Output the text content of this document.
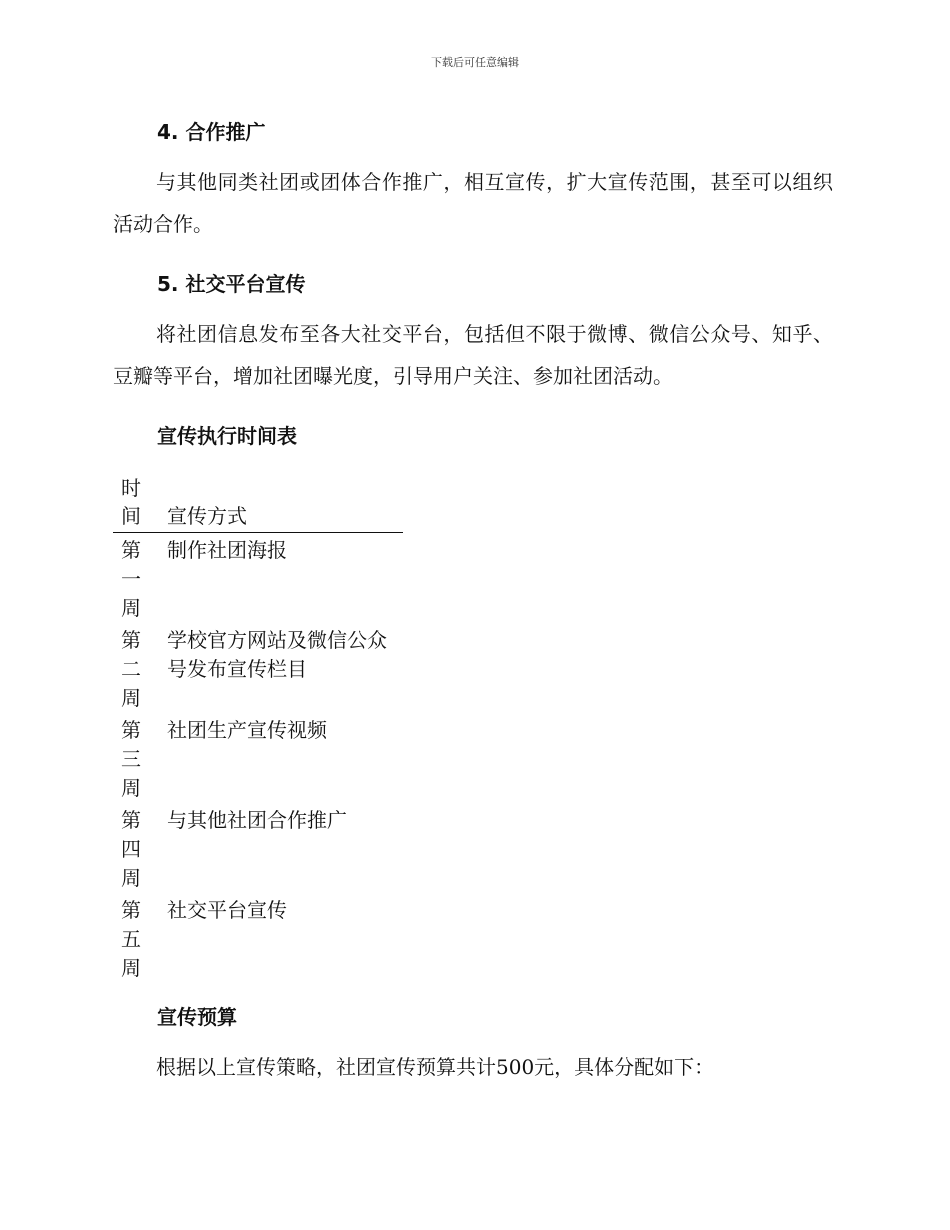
下载后可任意编辑
4. 合作推广
与其他同类社团或团体合作推广，相互宣传，扩大宣传范围，甚至可以组织活动合作。
5. 社交平台宣传
将社团信息发布至各大社交平台，包括但不限于微博、微信公众号、知乎、豆瓣等平台，增加社团曝光度，引导用户关注、参加社团活动。
宣传执行时间表
时
间	宣传方式
第
一
周
制作社团海报
第
二
周
学校官方网站及微信公众号发布宣传栏目
第
三
周
社团生产宣传视频
第
四
周
与其他社团合作推广
第
五
周
社交平台宣传
宣传预算
根据以上宣传策略，社团宣传预算共计500元，具体分配如下：
